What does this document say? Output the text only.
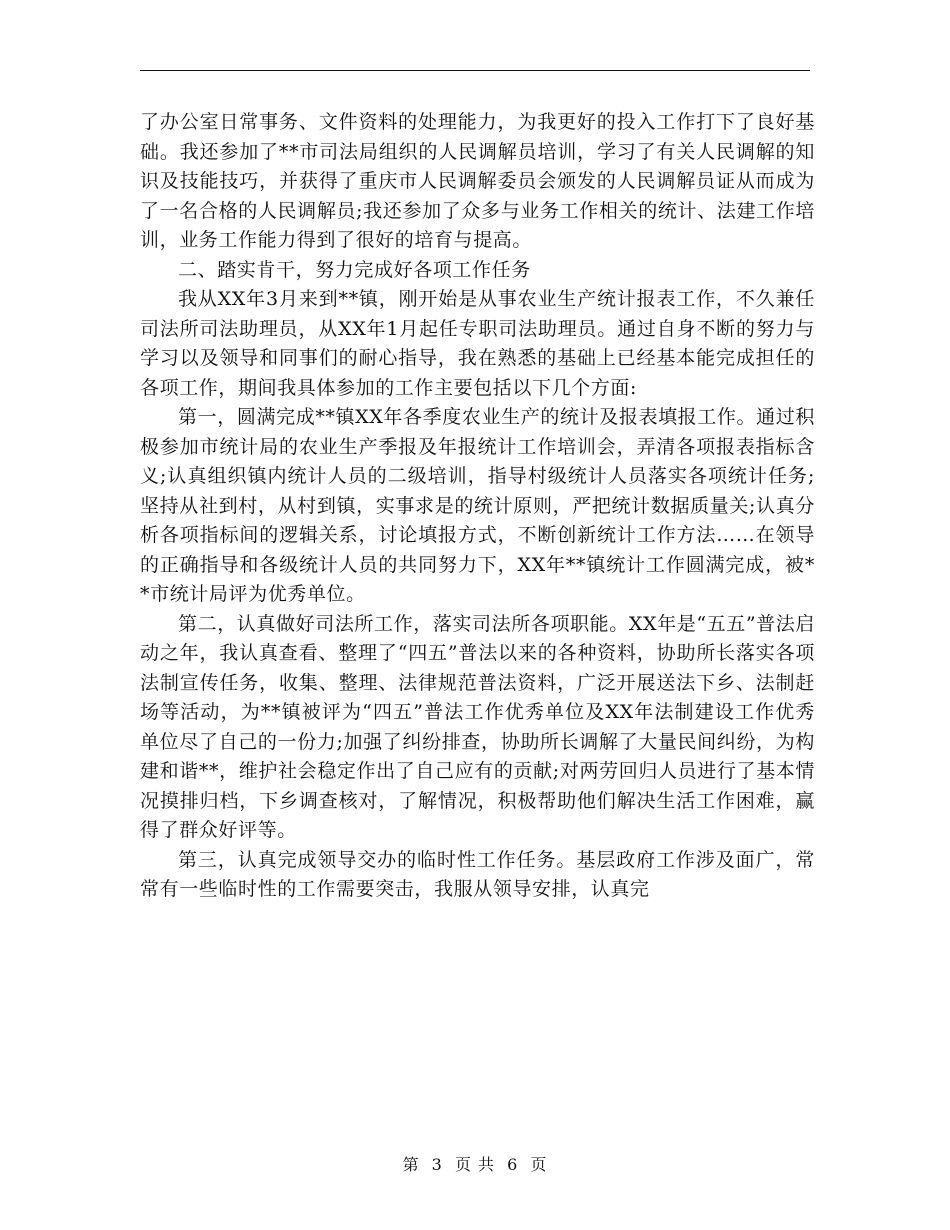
了办公室日常事务、文件资料的处理能力，为我更好的投入工作打下了良好基础。我还参加了**市司法局组织的人民调解员培训，学习了有关人民调解的知识及技能技巧，并获得了重庆市人民调解委员会颁发的人民调解员证从而成为了一名合格的人民调解员;我还参加了众多与业务工作相关的统计、法建工作培训，业务工作能力得到了很好的培育与提高。

二、踏实肯干，努力完成好各项工作任务

我从XX年3月来到**镇，刚开始是从事农业生产统计报表工作，不久兼任司法所司法助理员，从XX年1月起任专职司法助理员。通过自身不断的努力与学习以及领导和同事们的耐心指导，我在熟悉的基础上已经基本能完成担任的各项工作，期间我具体参加的工作主要包括以下几个方面:

第一，圆满完成**镇XX年各季度农业生产的统计及报表填报工作。通过积极参加市统计局的农业生产季报及年报统计工作培训会，弄清各项报表指标含义;认真组织镇内统计人员的二级培训，指导村级统计人员落实各项统计任务;坚持从社到村，从村到镇，实事求是的统计原则，严把统计数据质量关;认真分析各项指标间的逻辑关系，讨论填报方式，不断创新统计工作方法……在领导的正确指导和各级统计人员的共同努力下，XX年**镇统计工作圆满完成，被**市统计局评为优秀单位。

第二，认真做好司法所工作，落实司法所各项职能。XX年是“五五”普法启动之年，我认真查看、整理了“四五”普法以来的各种资料，协助所长落实各项法制宣传任务，收集、整理、法律规范普法资料，广泛开展送法下乡、法制赶场等活动，为**镇被评为“四五”普法工作优秀单位及XX年法制建设工作优秀单位尽了自己的一份力;加强了纠纷排查，协助所长调解了大量民间纠纷，为构建和谐**，维护社会稳定作出了自己应有的贡献;对两劳回归人员进行了基本情况摸排归档，下乡调查核对，了解情况，积极帮助他们解决生活工作困难，赢得了群众好评等。

第三，认真完成领导交办的临时性工作任务。基层政府工作涉及面广，常常有一些临时性的工作需要突击，我服从领导安排，认真完

第 3 页 共 6 页
